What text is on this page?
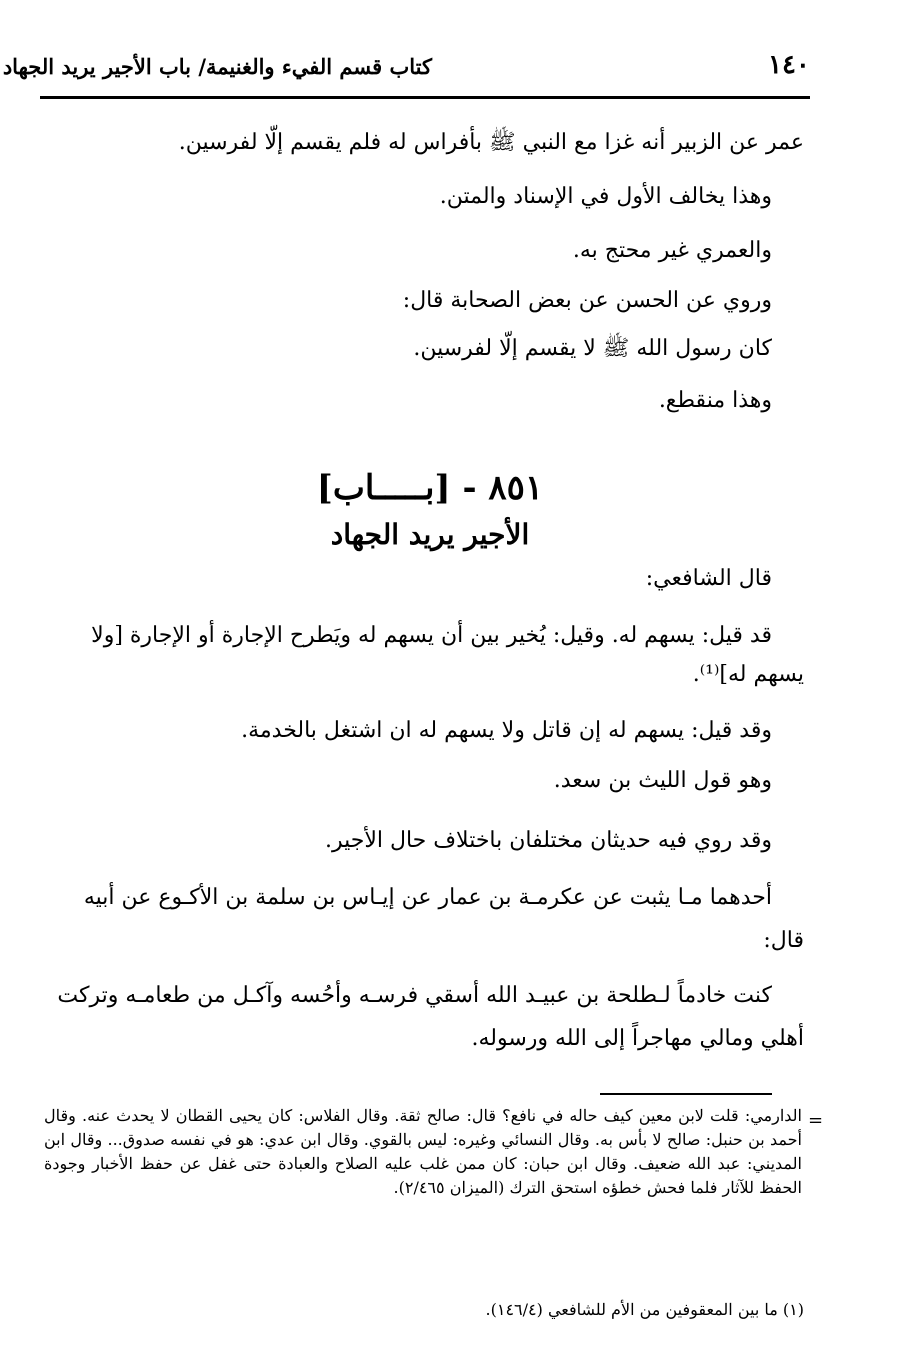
١٤٠
كتاب قسم الفيء والغنيمة/ باب الأجير يريد الجهاد
عمر عن الزبير أنه غزا مع النبي ﷺ بأفراس له فلم يقسم إلّا لفرسين.
وهذا يخالف الأول في الإسناد والمتن.
والعمري غير محتج به.
وروي عن الحسن عن بعض الصحابة قال:
كان رسول الله ﷺ لا يقسم إلّا لفرسين.
وهذا منقطع.
٨٥١ - [بـــــاب]
الأجير يريد الجهاد
قال الشافعي:
قد قيل: يسهم له. وقيل: يُخير بين أن يسهم له ويَطرح الإجارة أو الإجارة [ولا
يسهم له]⁽¹⁾.
وقد قيل: يسهم له إن قاتل ولا يسهم له ان اشتغل بالخدمة.
وهو قول الليث بن سعد.
وقد روي فيه حديثان مختلفان باختلاف حال الأجير.
أحدهما مـا يثبت عن عكرمـة بن عمار عن إيـاس بن سلمة بن الأكـوع عن أبيه
قال:
كنت خادماً لـطلحة بن عبيـد الله أسقي فرسـه وأحُسه وآكـل من طعامـه وتركت
أهلي ومالي مهاجراً إلى الله ورسوله.
=
الدارمي: قلت لابن معين كيف حاله في نافع؟ قال: صالح ثقة. وقال الفلاس: كان يحيى القطان لا يحدث عنه. وقال أحمد بن حنبل: صالح لا بأس به. وقال النسائي وغيره: ليس بالقوي. وقال ابن عدي: هو في نفسه صدوق... وقال ابن المديني: عبد الله ضعيف. وقال ابن حبان: كان ممن غلب عليه الصلاح والعبادة حتى غفل عن حفظ الأخبار وجودة الحفظ للآثار فلما فحش خطؤه استحق الترك (الميزان ٢/٤٦٥).
(١) ما بين المعقوفين من الأم للشافعي (١٤٦/٤).
